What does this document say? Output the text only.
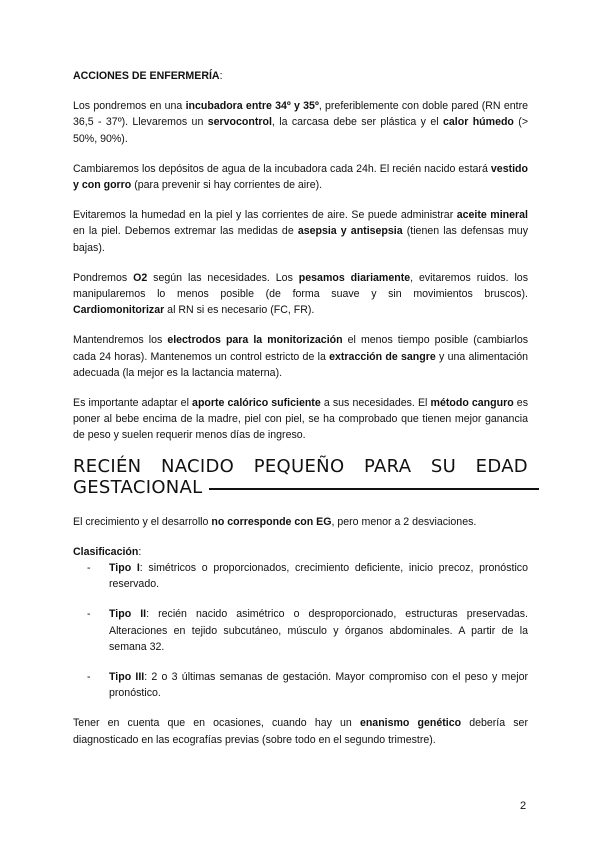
ACCIONES DE ENFERMERÍA:

Los pondremos en una incubadora entre 34º y 35º, preferiblemente con doble pared (RN entre 36,5 - 37º). Llevaremos un servocontrol, la carcasa debe ser plástica y el calor húmedo (> 50%, 90%).

Cambiaremos los depósitos de agua de la incubadora cada 24h. El recién nacido estará vestido y con gorro (para prevenir si hay corrientes de aire).

Evitaremos la humedad en la piel y las corrientes de aire. Se puede administrar aceite mineral en la piel. Debemos extremar las medidas de asepsia y antisepsia (tienen las defensas muy bajas).

Pondremos O2 según las necesidades. Los pesamos diariamente, evitaremos ruidos. los manipularemos lo menos posible (de forma suave y sin movimientos bruscos). Cardiomonitorizar al RN si es necesario (FC, FR).

Mantendremos los electrodos para la monitorización el menos tiempo posible (cambiarlos cada 24 horas). Mantenemos un control estricto de la extracción de sangre y una alimentación adecuada (la mejor es la lactancia materna).

Es importante adaptar el aporte calórico suficiente a sus necesidades. El método canguro es poner al bebe encima de la madre, piel con piel, se ha comprobado que tienen mejor ganancia de peso y suelen requerir menos días de ingreso.

RECIÉN NACIDO PEQUEÑO PARA SU EDAD
GESTACIONAL

El crecimiento y el desarrollo no corresponde con EG, pero menor a 2 desviaciones.

Clasificación:

- Tipo I: simétricos o proporcionados, crecimiento deficiente, inicio precoz, pronóstico reservado.
- Tipo II: recién nacido asimétrico o desproporcionado, estructuras preservadas. Alteraciones en tejido subcutáneo, músculo y órganos abdominales. A partir de la semana 32.
- Tipo III: 2 o 3 últimas semanas de gestación. Mayor compromiso con el peso y mejor pronóstico.

Tener en cuenta que en ocasiones, cuando hay un enanismo genético debería ser diagnosticado en las ecografías previas (sobre todo en el segundo trimestre).

2
